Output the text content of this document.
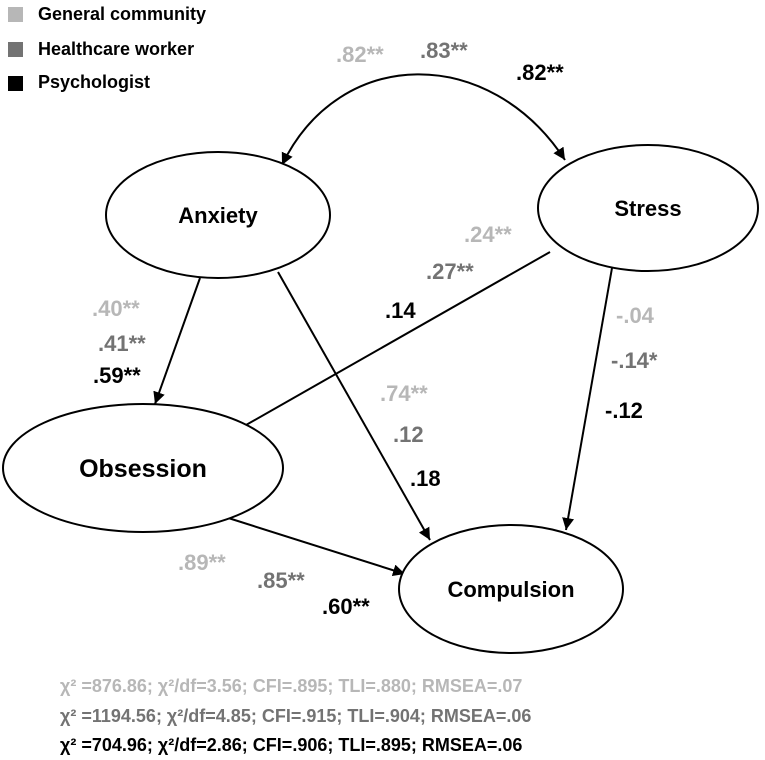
General community
Healthcare worker
Psychologist
Anxiety	Stress
Obsession
Compulsion
.82** .83**
.82**
.40**
.41**
.59**
.24**
.27**
.14
.74**
.12
.18
-.04
-.14*
-.12
.89**
.85**
.60**
χ² =876.86; χ²/df=3.56; CFI=.895; TLI=.880; RMSEA=.07
χ² =1194.56; χ²/df=4.85; CFI=.915; TLI=.904; RMSEA=.06
χ² =704.96; χ²/df=2.86; CFI=.906; TLI=.895; RMSEA=.06
